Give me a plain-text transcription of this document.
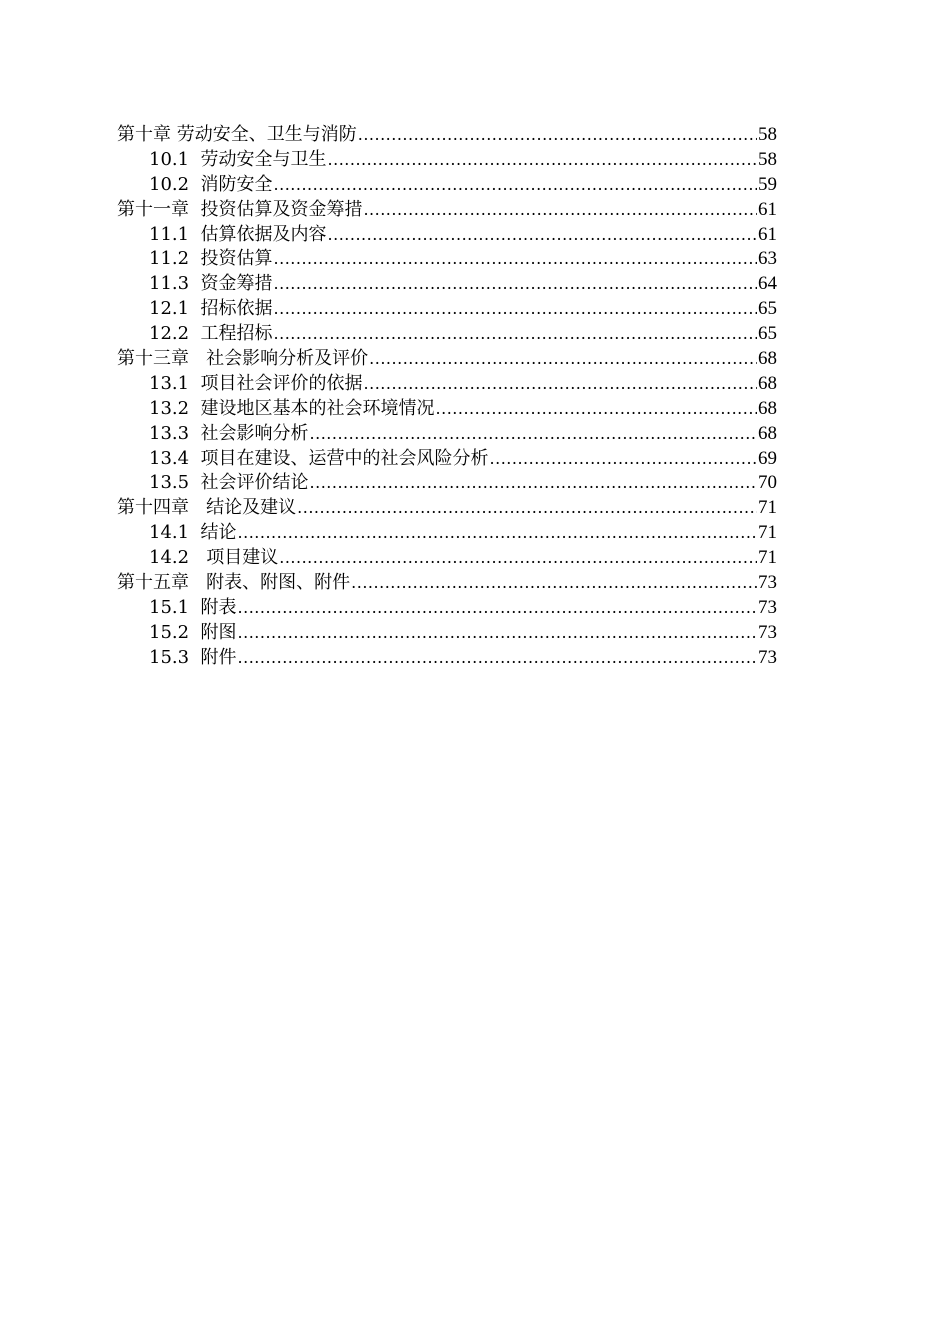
第十章 劳动安全、卫生与消防 .....	58
10.1  劳动安全与卫生 .....	58
10.2  消防安全 .....	59
第十一章  投资估算及资金筹措 .....	61
11.1  估算依据及内容 .....	61
11.2  投资估算 .....	63
11.3  资金筹措 .....	64
12.1  招标依据 .....	65
12.2  工程招标 .....	65
第十三章   社会影响分析及评价 .....	68
13.1  项目社会评价的依据 .....	68
13.2  建设地区基本的社会环境情况 .....	68
13.3  社会影响分析 .....	68
13.4  项目在建设、运营中的社会风险分析 .....	69
13.5  社会评价结论 .....	70
第十四章   结论及建议 .....	71
14.1  结论 .....	71
14.2   项目建议 .....	71
第十五章   附表、附图、附件 .....	73
15.1  附表 .....	73
15.2  附图 .....	73
15.3  附件 .....	73
